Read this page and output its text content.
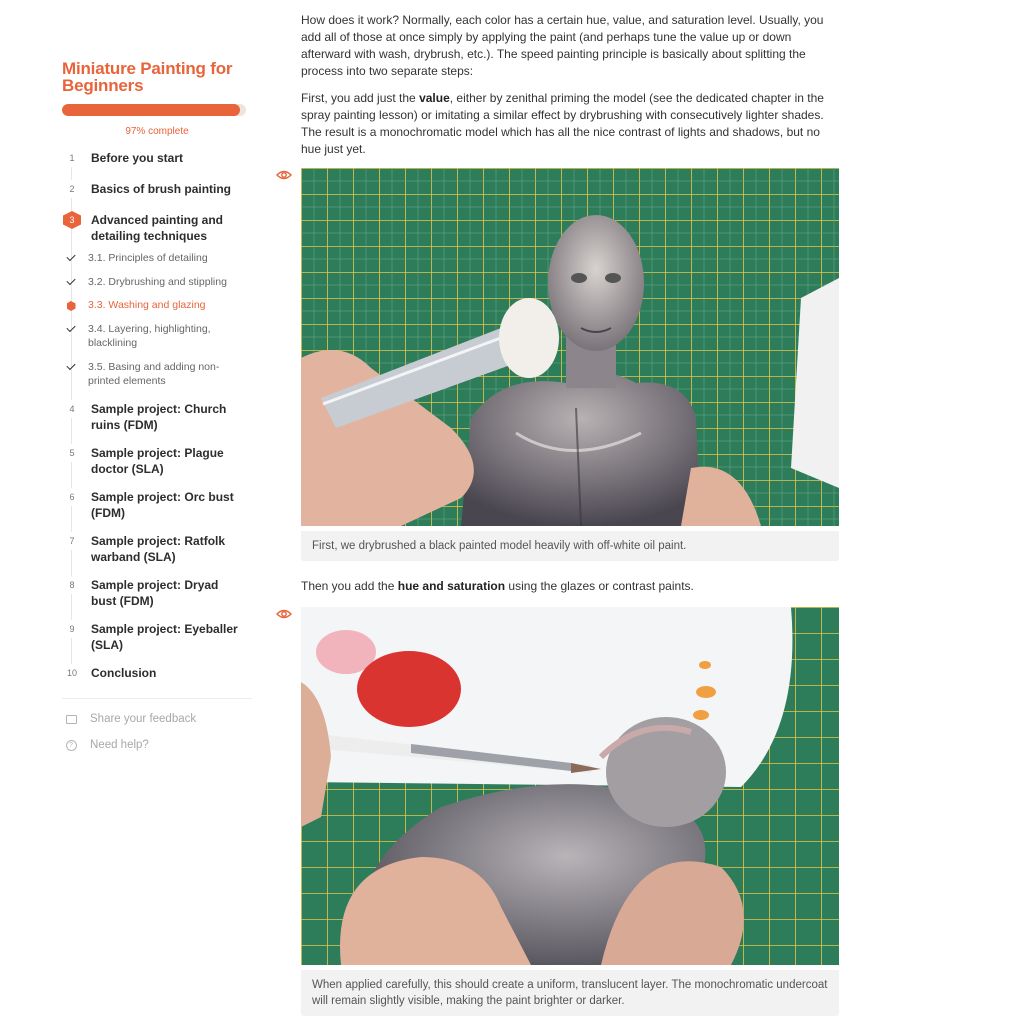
Miniature Painting for Beginners
97% complete
1	Before you start
2	Basics of brush painting
3	Advanced painting and detailing techniques
3.1. Principles of detailing
3.2. Drybrushing and stippling
3.3. Washing and glazing
3.4. Layering, highlighting, blacklining
3.5. Basing and adding non-printed elements
4	Sample project: Church ruins (FDM)
5	Sample project: Plague doctor (SLA)
6	Sample project: Orc bust (FDM)
7	Sample project: Ratfolk warband (SLA)
8	Sample project: Dryad bust (FDM)
9	Sample project: Eyeballer (SLA)
10	Conclusion
Share your feedback
?	Need help?

How does it work? Normally, each color has a certain hue, value, and saturation level. Usually, you add all of those at once simply by applying the paint (and perhaps tune the value up or down afterward with wash, drybrush, etc.). The speed painting principle is basically about splitting the process into two separate steps:

First, you add just the value, either by zenithal priming the model (see the dedicated chapter in the spray painting lesson) or imitating a similar effect by drybrushing with consecutively lighter shades. The result is a monochromatic model which has all the nice contrast of lights and shadows, but no hue just yet.

First, we drybrushed a black painted model heavily with off-white oil paint.

Then you add the hue and saturation using the glazes or contrast paints.

When applied carefully, this should create a uniform, translucent layer. The monochromatic undercoat will remain slightly visible, making the paint brighter or darker.
